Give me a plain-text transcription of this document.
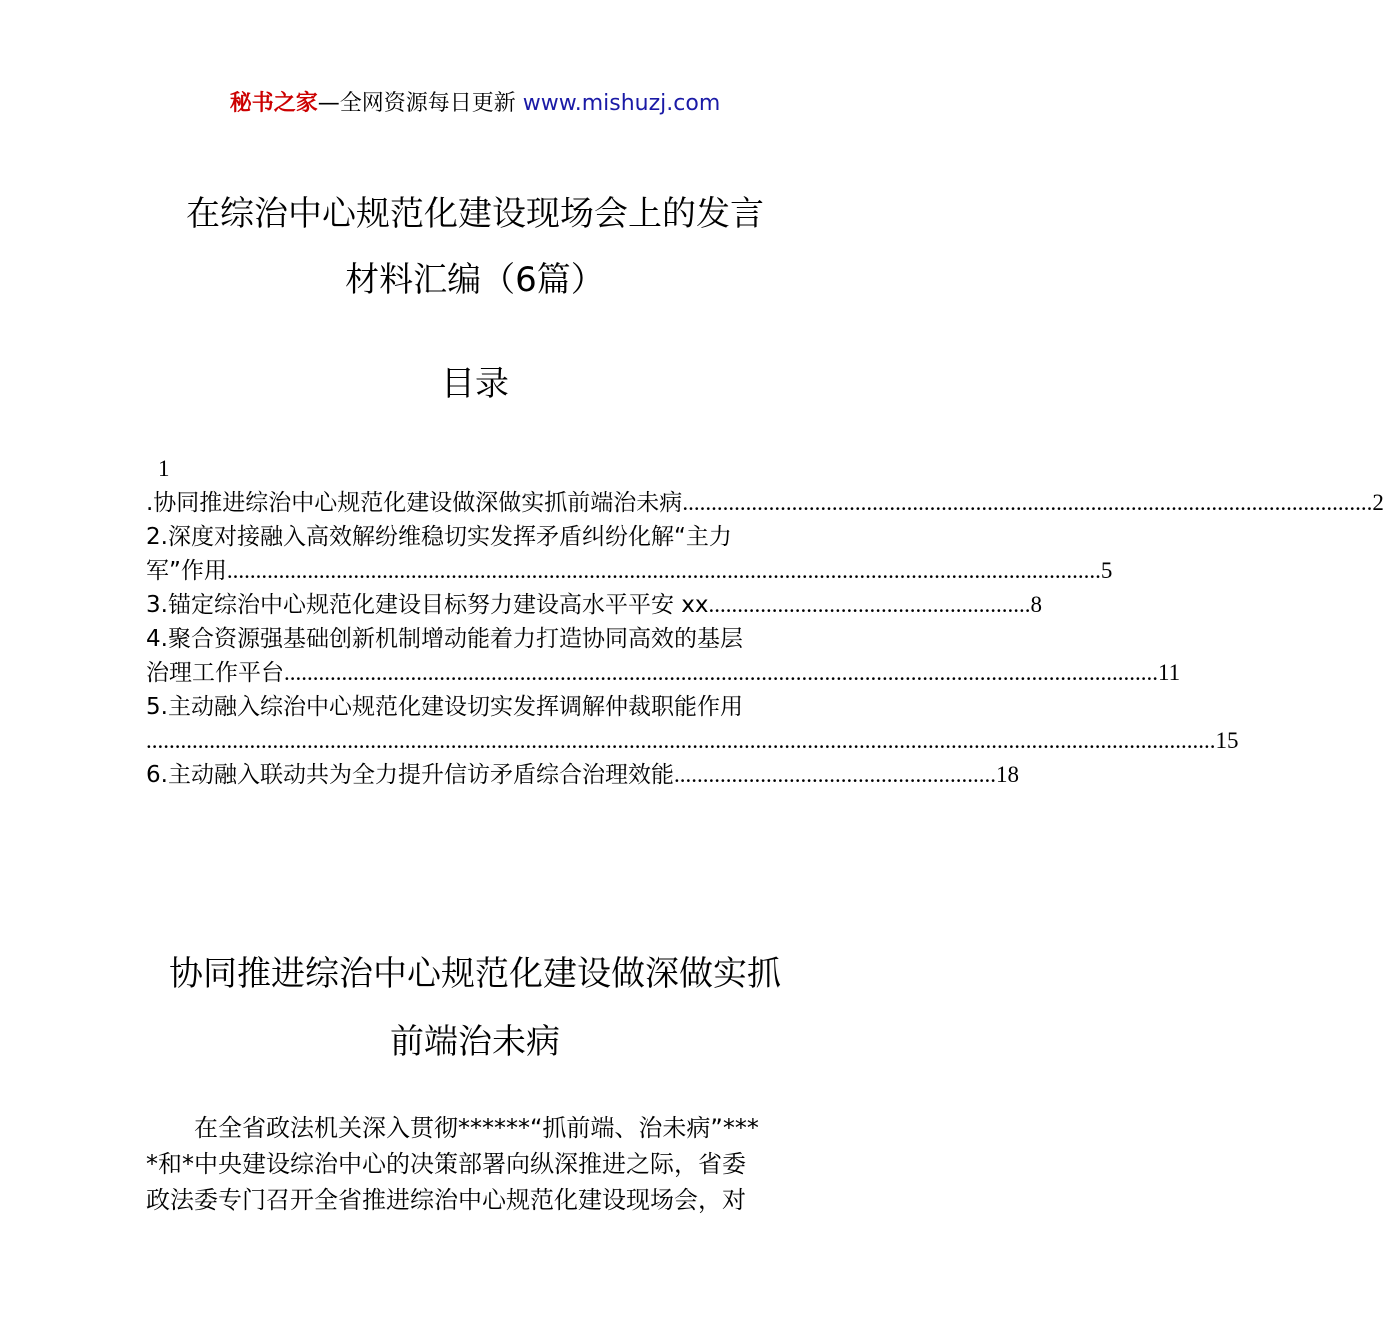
秘书之家—全网资源每日更新 www.mishuzj.com
在综治中心规范化建设现场会上的发言
材料汇编（6篇）
目录
1
.协同推进综治中心规范化建设做深做实抓前端治未病 ........................................................................................................................ 2
2.深度对接融入高效解纷维稳切实发挥矛盾纠纷化解“主力
军”作用 ........................................................................................................................................................ 5
3.锚定综治中心规范化建设目标努力建设高水平平安 xx ........................................................ 8
4.聚合资源强基础创新机制增动能着力打造协同高效的基层
治理工作平台 ........................................................................................................................................................ 11
5.主动融入综治中心规范化建设切实发挥调解仲裁职能作用
.......................................................................................................................................................................................... 15
6.主动融入联动共为全力提升信访矛盾综合治理效能 ........................................................ 18
协同推进综治中心规范化建设做深做实抓
前端治未病
在全省政法机关深入贯彻******“抓前端、治未病”***
*和*中央建设综治中心的决策部署向纵深推进之际，省委
政法委专门召开全省推进综治中心规范化建设现场会，对
